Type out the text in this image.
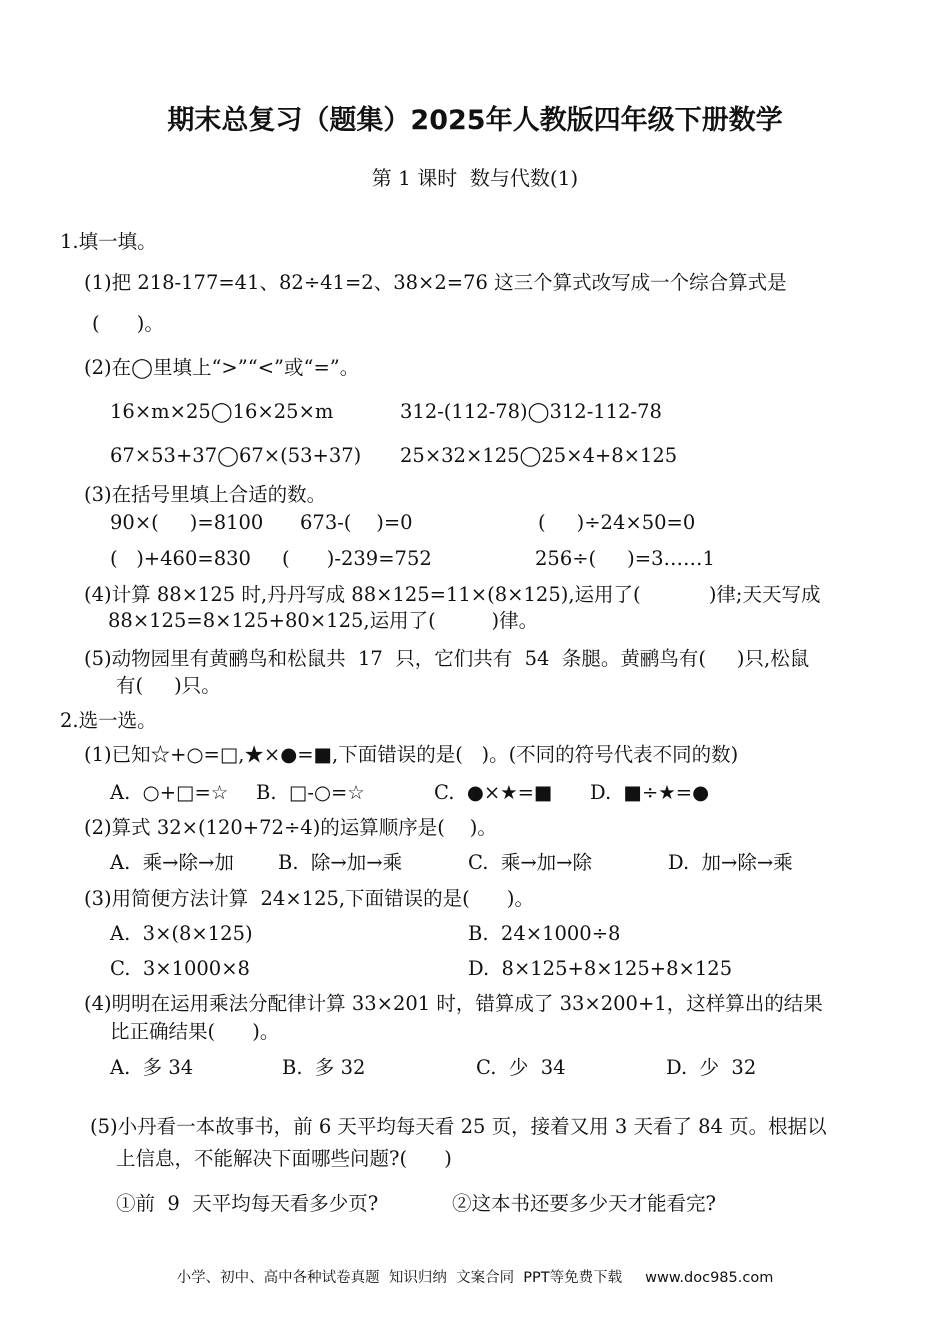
期末总复习（题集）2025年人教版四年级下册数学
第 1 课时  数与代数(1)
1.填一填。
(1)把 218-177=41、82÷41=2、38×2=76 这三个算式改写成一个综合算式是
(      )。
(2)在◯里填上“>”“<”或“=”。
16×m×25◯16×25×m	312-(112-78)◯312-112-78
67×53+37◯67×(53+37) 25×32×125◯25×4+8×125
(3)在括号里填上合适的数。
90×(     )=8100 673-(    )=0	(     )÷24×50=0
(   )+460=830 (      )-239=752	256÷(     )=3……1
(4)计算 88×125 时,丹丹写成 88×125=11×(8×125),运用了(           )律;天天写成
88×125=8×125+80×125,运用了(         )律。
(5)动物园里有黄鹂鸟和松鼠共  17  只，它们共有  54  条腿。黄鹂鸟有(     )只,松鼠
有(     )只。
2.选一选。
(1)已知☆+○=□,★×●=■,下面错误的是(   )。(不同的符号代表不同的数)
A.  ○+□=☆ B.  □-○=☆	C.  ●×★=■ D.  ■÷★=●
(2)算式 32×(120+72÷4)的运算顺序是(    )。
A.  乘→除→加 B.  除→加→乘	C.  乘→加→除	D.  加→除→乘
(3)用简便方法计算  24×125,下面错误的是(      )。
A.  3×(8×125)	B.  24×1000÷8
C.  3×1000×8	D.  8×125+8×125+8×125
(4)明明在运用乘法分配律计算 33×201 时，错算成了 33×200+1，这样算出的结果
比正确结果(      )。
A.  多 34	B.  多 32	C.  少  34	D.  少  32
(5)小丹看一本故事书，前 6 天平均每天看 25 页，接着又用 3 天看了 84 页。根据以
上信息，不能解决下面哪些问题?(      )
①前  9  天平均每天看多少页?	②这本书还要多少天才能看完?
小学、初中、高中各种试卷真题  知识归纳  文案合同  PPT等免费下载     www.doc985.com
